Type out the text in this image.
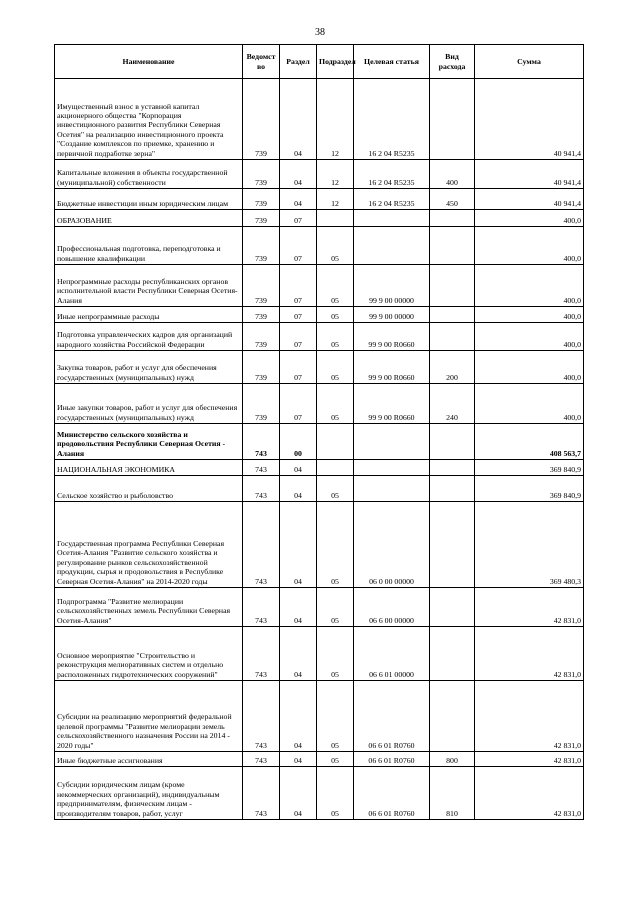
38
Наименование	Ведомст во	Раздел	Подраздел	Целевая статья	Вид расхода	Сумма
Имущественный взнос в уставной капитал акционерного общества "Корпорация инвестиционного развития Республики Северная Осетия" на реализацию инвестиционного проекта "Создание комплексов по приемке, хранению и первичной подработке зерна"	739	04	12	16 2 04 R5235		40 941,4
Капитальные вложения в объекты государственной (муниципальной) собственности	739	04	12	16 2 04 R5235	400	40 941,4
Бюджетные инвестиции иным юридическим лицам	739	04	12	16 2 04 R5235	450	40 941,4
ОБРАЗОВАНИЕ	739	07				400,0
Профессиональная подготовка, переподготовка и повышение квалификации	739	07	05			400,0
Непрограммные расходы республиканских органов исполнительной власти Республики Северная Осетия-Алания	739	07	05	99 9 00 00000		400,0
Иные непрограммные расходы	739	07	05	99 9 00 00000		400,0
Подготовка управленческих кадров для организаций народного хозяйства Российской Федерации	739	07	05	99 9 00 R0660		400,0
Закупка товаров, работ и услуг для обеспечения государственных (муниципальных) нужд	739	07	05	99 9 00 R0660	200	400,0
Иные закупки товаров, работ и услуг для обеспечения государственных (муниципальных) нужд	739	07	05	99 9 00 R0660	240	400,0
Министерство сельского хозяйства и продовольствия Республики Северная Осетия - Алания	743	00				408 563,7
НАЦИОНАЛЬНАЯ ЭКОНОМИКА	743	04				369 840,9
Сельское хозяйство и рыболовство	743	04	05			369 840,9
Государственная программа Республики Северная Осетия-Алания "Развитие сельского хозяйства и регулирование рынков сельскохозяйственной продукции, сырья и продовольствия в Республике Северная Осетия-Алания" на 2014-2020 годы	743	04	05	06 0 00 00000		369 480,3
Подпрограмма "Развитие мелиорации сельскохозяйственных земель Республики Северная Осетия-Алания"	743	04	05	06 6 00 00000		42 831,0
Основное мероприятие "Строительство и реконструкция мелиоративных систем и отдельно расположенных гидротехнических сооружений"	743	04	05	06 6 01 00000		42 831,0
Субсидии на реализацию мероприятий федеральной целевой программы "Развитие мелиорации земель сельскохозяйственного назначения России на 2014 - 2020 годы"	743	04	05	06 6 01 R0760		42 831,0
Иные бюджетные ассигнования	743	04	05	06 6 01 R0760	800	42 831,0
Субсидии юридическим лицам (кроме некоммерческих организаций), индивидуальным предпринимателям, физическим лицам - производителям товаров, работ, услуг	743	04	05	06 6 01 R0760	810	42 831,0
